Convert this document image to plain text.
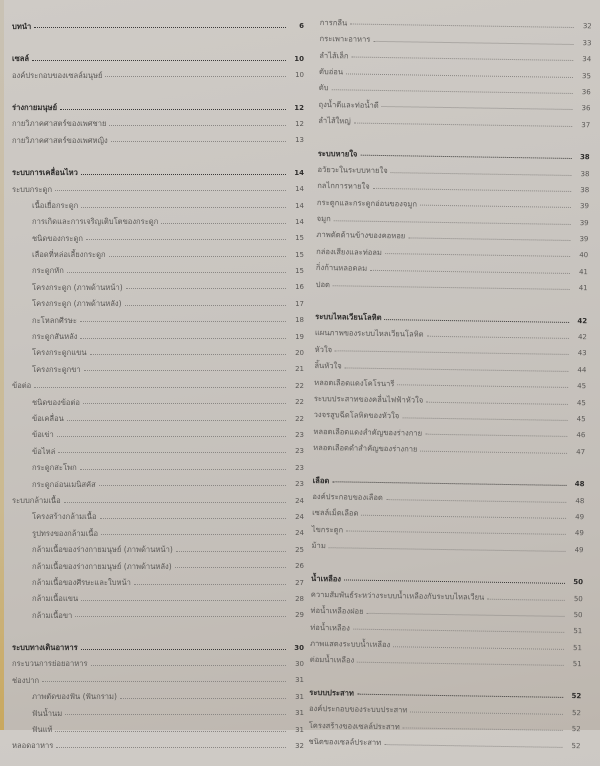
บทนำ	6
เซลล์	10
องค์ประกอบของเซลล์มนุษย์	10
ร่างกายมนุษย์	12
กายวิภาคศาสตร์ของเพศชาย	12
กายวิภาคศาสตร์ของเพศหญิง	13
ระบบการเคลื่อนไหว	14
ระบบกระดูก	14
เนื้อเยื่อกระดูก	14
การเกิดและการเจริญเติบโตของกระดูก	14
ชนิดของกระดูก	15
เลือดที่หล่อเลี้ยงกระดูก	15
กระดูกหัก	15
โครงกระดูก (ภาพด้านหน้า)	16
โครงกระดูก (ภาพด้านหลัง)	17
กะโหลกศีรษะ	18
กระดูกสันหลัง	19
โครงกระดูกแขน	20
โครงกระดูกขา	21
ข้อต่อ	22
ชนิดของข้อต่อ	22
ข้อเคลื่อน	22
ข้อเข่า	23
ข้อไหล่	23
กระดูกสะโพก	23
กระดูกอ่อนเมนิสคัส	23
ระบบกล้ามเนื้อ	24
โครงสร้างกล้ามเนื้อ	24
รูปทรงของกล้ามเนื้อ	24
กล้ามเนื้อของร่างกายมนุษย์ (ภาพด้านหน้า)	25
กล้ามเนื้อของร่างกายมนุษย์ (ภาพด้านหลัง)	26
กล้ามเนื้อของศีรษะและใบหน้า	27
กล้ามเนื้อแขน	28
กล้ามเนื้อขา	29
ระบบทางเดินอาหาร	30
กระบวนการย่อยอาหาร	30
ช่องปาก	31
ภาพตัดของฟัน (ฟันกราม)	31
ฟันน้ำนม	31
ฟันแท้	31
หลอดอาหาร	32
การกลืน	32
กระเพาะอาหาร	33
ลำไส้เล็ก	34
ตับอ่อน	35
ตับ	36
ถุงน้ำดีและท่อน้ำดี	36
ลำไส้ใหญ่	37
ระบบหายใจ	38
อวัยวะในระบบหายใจ	38
กลไกการหายใจ	38
กระดูกและกระดูกอ่อนของจมูก	39
จมูก	39
ภาพตัดด้านข้างของคอหอย	39
กล่องเสียงและท่อลม	40
กิ่งก้านหลอดลม	41
ปอด	41
ระบบไหลเวียนโลหิต	42
แผนภาพของระบบไหลเวียนโลหิต	42
หัวใจ	43
ลิ้นหัวใจ	44
หลอดเลือดแดงโคโรนารี	45
ระบบประสาทของคลื่นไฟฟ้าหัวใจ	45
วงจรสูบฉีดโลหิตของหัวใจ	45
หลอดเลือดแดงสำคัญของร่างกาย	46
หลอดเลือดดำสำคัญของร่างกาย	47
เลือด	48
องค์ประกอบของเลือด	48
เซลล์เม็ดเลือด	49
ไขกระดูก	49
ม้าม	49
น้ำเหลือง	50
ความสัมพันธ์ระหว่างระบบน้ำเหลืองกับระบบไหลเวียน	50
ท่อน้ำเหลืองฝอย	50
ท่อน้ำเหลือง	51
ภาพแสดงระบบน้ำเหลือง	51
ต่อมน้ำเหลือง	51
ระบบประสาท	52
องค์ประกอบของระบบประสาท	52
โครงสร้างของเซลล์ประสาท	52
ชนิดของเซลล์ประสาท	52
